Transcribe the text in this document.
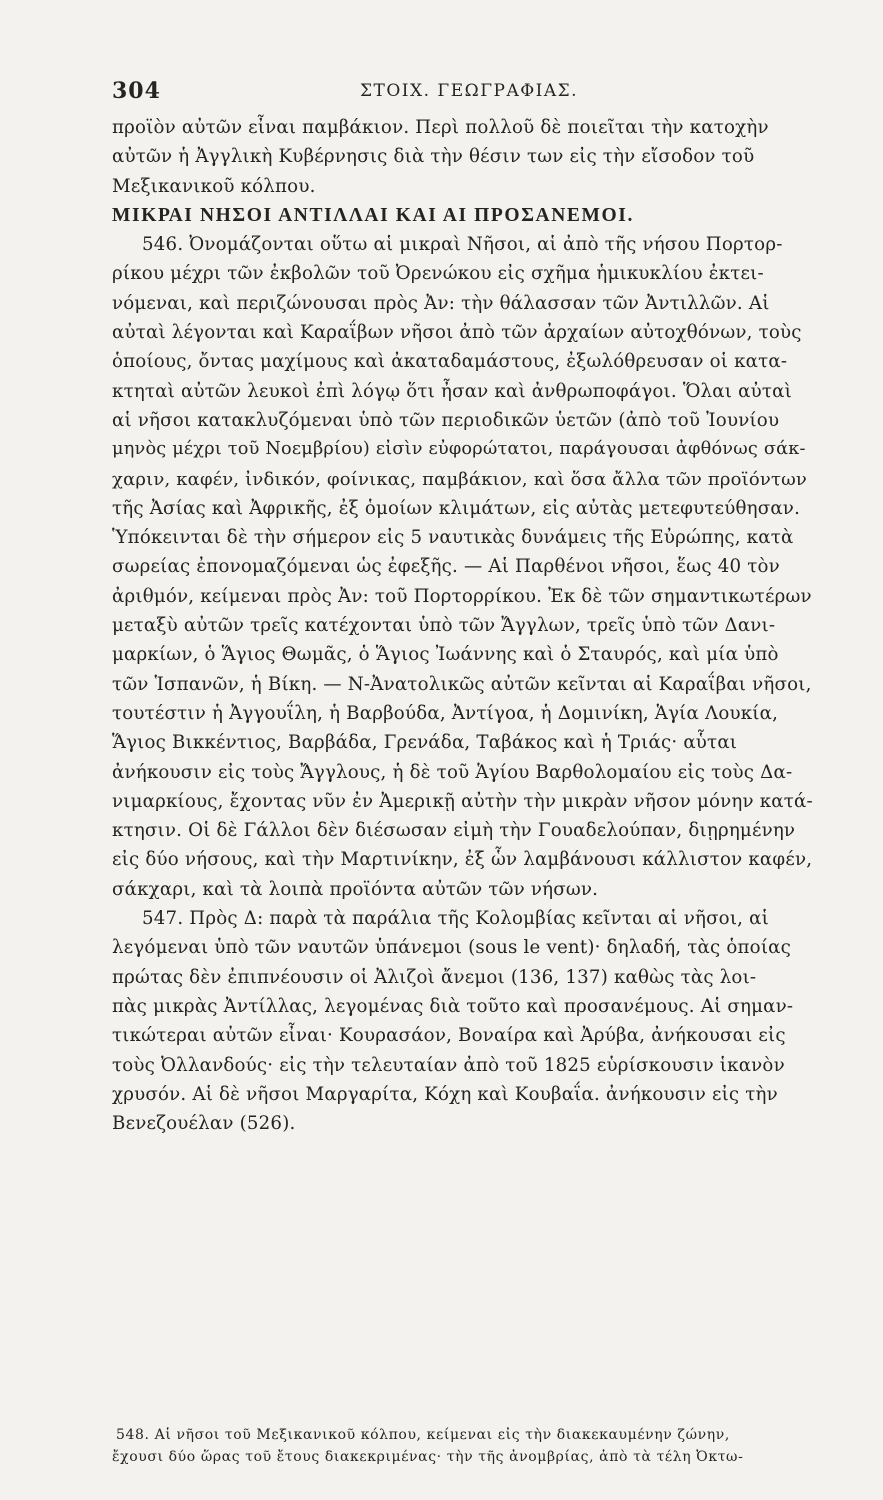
304	ΣΤΟΙΧ. ΓΕΩΓΡΑΦΙΑΣ.
προϊὸν αὐτῶν εἶναι παμβάκιον. Περὶ πολλοῦ δὲ ποιεῖται τὴν κατοχὴν
αὐτῶν ἡ Ἀγγλικὴ Κυβέρνησις διὰ τὴν θέσιν των εἰς τὴν εἴσοδον τοῦ
Μεξικανικοῦ κόλπου.
ΜΙΚΡΑΙ ΝΗΣΟΙ ΑΝΤΙΛΛΑΙ ΚΑΙ ΑΙ ΠΡΟΣΑΝΕΜΟΙ.
546. Ὀνομάζονται οὕτω αἱ μικραὶ Νῆσοι, αἱ ἀπὸ τῆς νήσου Πορτορ-
ρίκου μέχρι τῶν ἐκβολῶν τοῦ Ὀρενώκου εἰς σχῆμα ἡμικυκλίου ἐκτει-
νόμεναι, καὶ περιζώνουσαι πρὸς Ἀν: τὴν θάλασσαν τῶν Ἀντιλλῶν. Αἱ
αὐταὶ λέγονται καὶ Καραΐβων νῆσοι ἀπὸ τῶν ἀρχαίων αὐτοχθόνων, τοὺς
ὁποίους, ὄντας μαχίμους καὶ ἀκαταδαμάστους, ἐξωλόθρευσαν οἱ κατα-
κτηταὶ αὐτῶν λευκοὶ ἐπὶ λόγῳ ὅτι ἦσαν καὶ ἀνθρωποφάγοι. Ὅλαι αὐταὶ
αἱ νῆσοι κατακλυζόμεναι ὑπὸ τῶν περιοδικῶν ὑετῶν (ἀπὸ τοῦ Ἰουνίου
μηνὸς μέχρι τοῦ Νοεμβρίου) εἰσὶν εὐφορώτατοι, παράγουσαι ἀφθόνως σάκ-
χαριν, καφέν, ἰνδικόν, φοίνικας, παμβάκιον, καὶ ὅσα ἄλλα τῶν προϊόντων
τῆς Ἀσίας καὶ Ἀφρικῆς, ἐξ ὁμοίων κλιμάτων, εἰς αὐτὰς μετεφυτεύθησαν.
Ὑπόκεινται δὲ τὴν σήμερον εἰς 5 ναυτικὰς δυνάμεις τῆς Εὐρώπης, κατὰ
σωρείας ἐπονομαζόμεναι ὡς ἐφεξῆς. — Αἱ Παρθένοι νῆσοι, ἕως 40 τὸν
ἀριθμόν, κείμεναι πρὸς Ἀν: τοῦ Πορτορρίκου. Ἐκ δὲ τῶν σημαντικωτέρων
μεταξὺ αὐτῶν τρεῖς κατέχονται ὑπὸ τῶν Ἄγγλων, τρεῖς ὑπὸ τῶν Δανι-
μαρκίων, ὁ Ἅγιος Θωμᾶς, ὁ Ἅγιος Ἰωάννης καὶ ὁ Σταυρός, καὶ μία ὑπὸ
τῶν Ἱσπανῶν, ἡ Βίκη. — Ν-Ἀνατολικῶς αὐτῶν κεῖνται αἱ Καραΐβαι νῆσοι,
τουτέστιν ἡ Ἀγγουΐλη, ἡ Βαρβούδα, Ἀντίγοα, ἡ Δομινίκη, Ἁγία Λουκία,
Ἅγιος Βικκέντιος, Βαρβάδα, Γρενάδα, Ταβάκος καὶ ἡ Τριάς· αὗται
ἀνήκουσιν εἰς τοὺς Ἄγγλους, ἡ δὲ τοῦ Ἁγίου Βαρθολομαίου εἰς τοὺς Δα-
νιμαρκίους, ἔχοντας νῦν ἐν Ἀμερικῇ αὐτὴν τὴν μικρὰν νῆσον μόνην κατά-
κτησιν. Οἱ δὲ Γάλλοι δὲν διέσωσαν εἰμὴ τὴν Γουαδελούπαν, διῃρημένην
εἰς δύο νήσους, καὶ τὴν Μαρτινίκην, ἐξ ὧν λαμβάνουσι κάλλιστον καφέν,
σάκχαρι, καὶ τὰ λοιπὰ προϊόντα αὐτῶν τῶν νήσων.
547. Πρὸς Δ: παρὰ τὰ παράλια τῆς Κολομβίας κεῖνται αἱ νῆσοι, αἱ
λεγόμεναι ὑπὸ τῶν ναυτῶν ὑπάνεμοι (sous le vent)· δηλαδή, τὰς ὁποίας
πρώτας δὲν ἐπιπνέουσιν οἱ Ἀλιζοὶ ἄνεμοι (136, 137) καθὼς τὰς λοι-
πὰς μικρὰς Ἀντίλλας, λεγομένας διὰ τοῦτο καὶ προσανέμους. Αἱ σημαν-
τικώτεραι αὐτῶν εἶναι· Κουρασάον, Βοναίρα καὶ Ἀρύβα, ἀνήκουσαι εἰς
τοὺς Ὀλλανδούς· εἰς τὴν τελευταίαν ἀπὸ τοῦ 1825 εὑρίσκουσιν ἱκανὸν
χρυσόν. Αἱ δὲ νῆσοι Μαργαρίτα, Κόχη καὶ Κουβαΐα. ἀνήκουσιν εἰς τὴν
Βενεζουέλαν (526).
548. Αἱ νῆσοι τοῦ Μεξικανικοῦ κόλπου, κείμεναι εἰς τὴν διακεκαυμένην ζώνην,
ἔχουσι δύο ὥρας τοῦ ἔτους διακεκριμένας· τὴν τῆς ἀνομβρίας, ἀπὸ τὰ τέλη Ὀκτω-
